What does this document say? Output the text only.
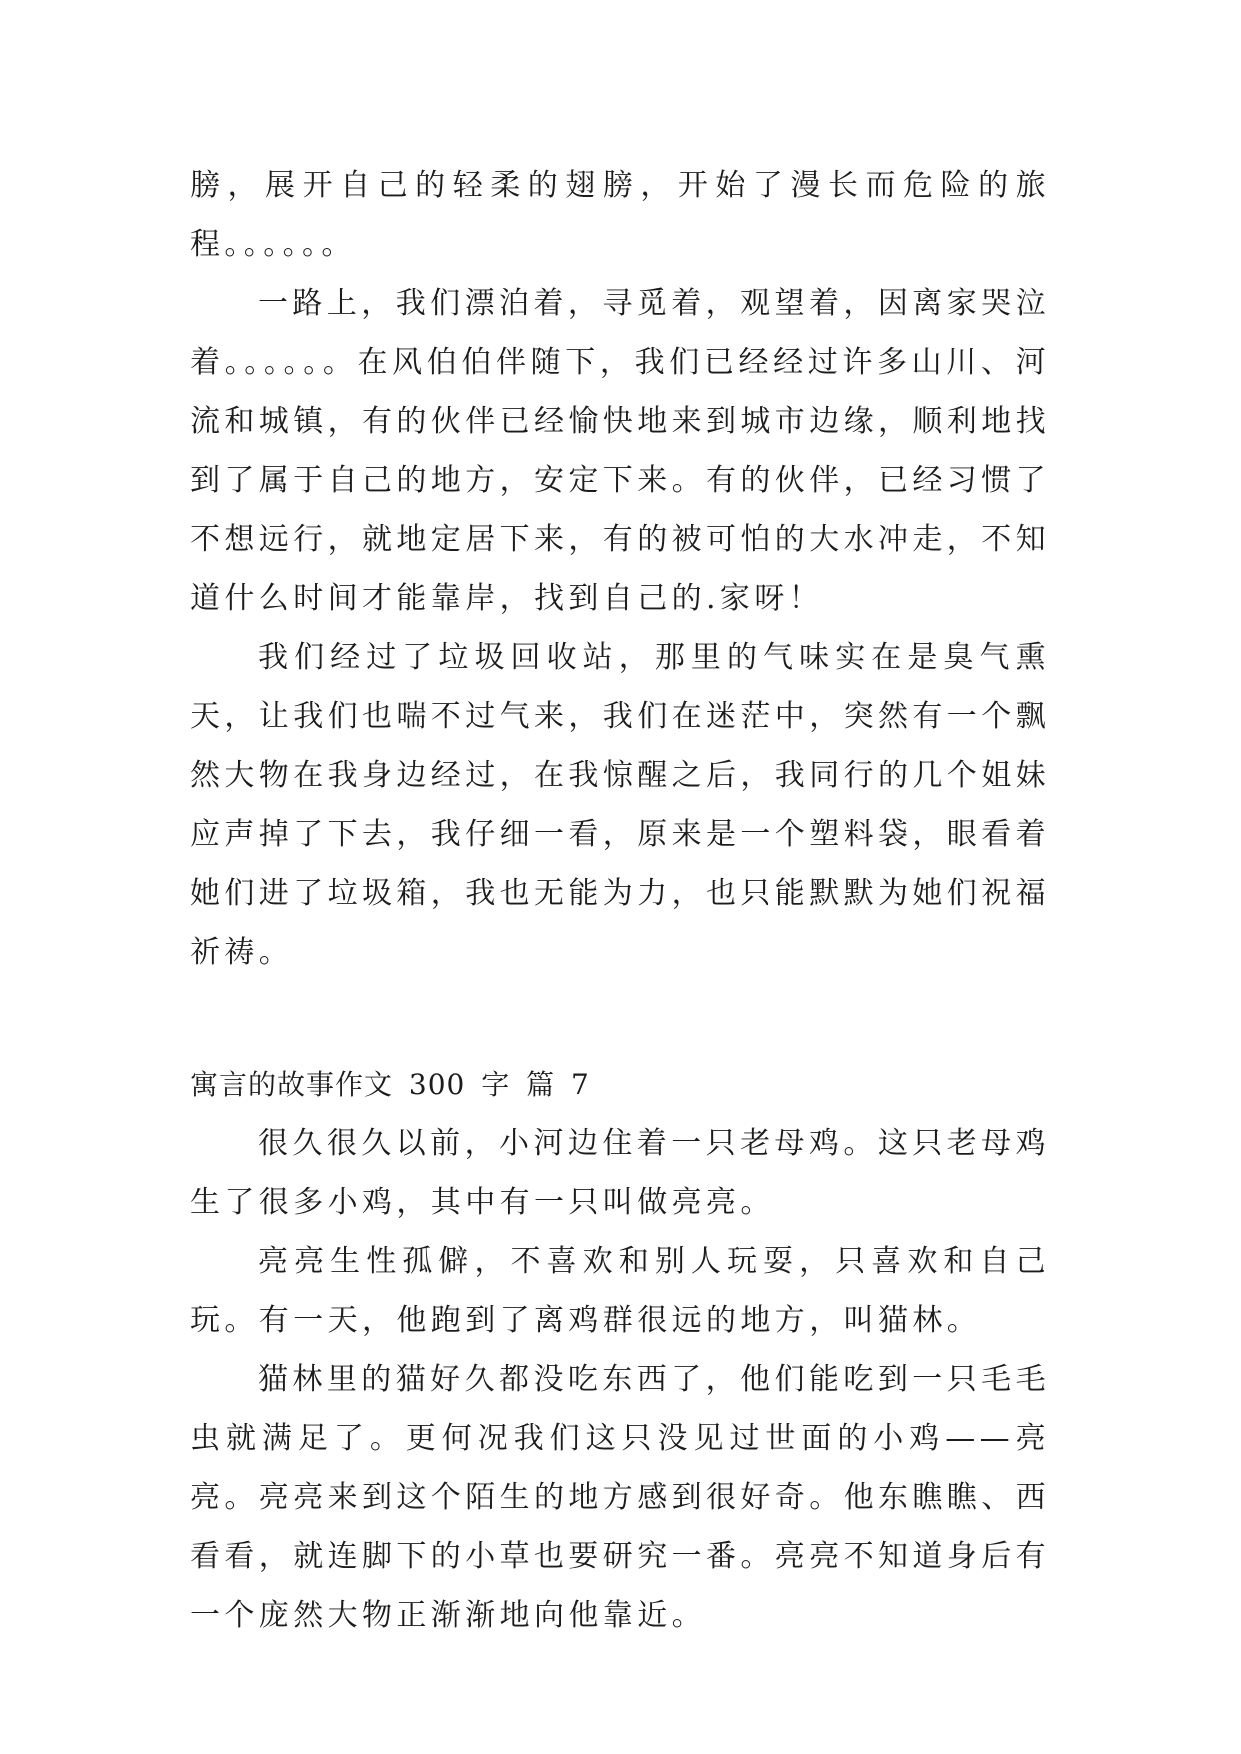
膀，展开自己的轻柔的翅膀，开始了漫长而危险的旅程。。。。。。

一路上，我们漂泊着，寻觅着，观望着，因离家哭泣着。。。。。。在风伯伯伴随下，我们已经经过许多山川、河流和城镇，有的伙伴已经愉快地来到城市边缘，顺利地找到了属于自己的地方，安定下来。有的伙伴，已经习惯了不想远行，就地定居下来，有的被可怕的大水冲走，不知道什么时间才能靠岸，找到自己的.家呀！

我们经过了垃圾回收站，那里的气味实在是臭气熏天，让我们也喘不过气来，我们在迷茫中，突然有一个飘然大物在我身边经过，在我惊醒之后，我同行的几个姐妹应声掉了下去，我仔细一看，原来是一个塑料袋，眼看着她们进了垃圾箱，我也无能为力，也只能默默为她们祝福祈祷。

寓言的故事作文 300 字 篇 7

很久很久以前，小河边住着一只老母鸡。这只老母鸡生了很多小鸡，其中有一只叫做亮亮。

亮亮生性孤僻，不喜欢和别人玩耍，只喜欢和自己玩。有一天，他跑到了离鸡群很远的地方，叫猫林。

猫林里的猫好久都没吃东西了，他们能吃到一只毛毛虫就满足了。更何况我们这只没见过世面的小鸡——亮亮。亮亮来到这个陌生的地方感到很好奇。他东瞧瞧、西看看，就连脚下的小草也要研究一番。亮亮不知道身后有一个庞然大物正渐渐地向他靠近。
